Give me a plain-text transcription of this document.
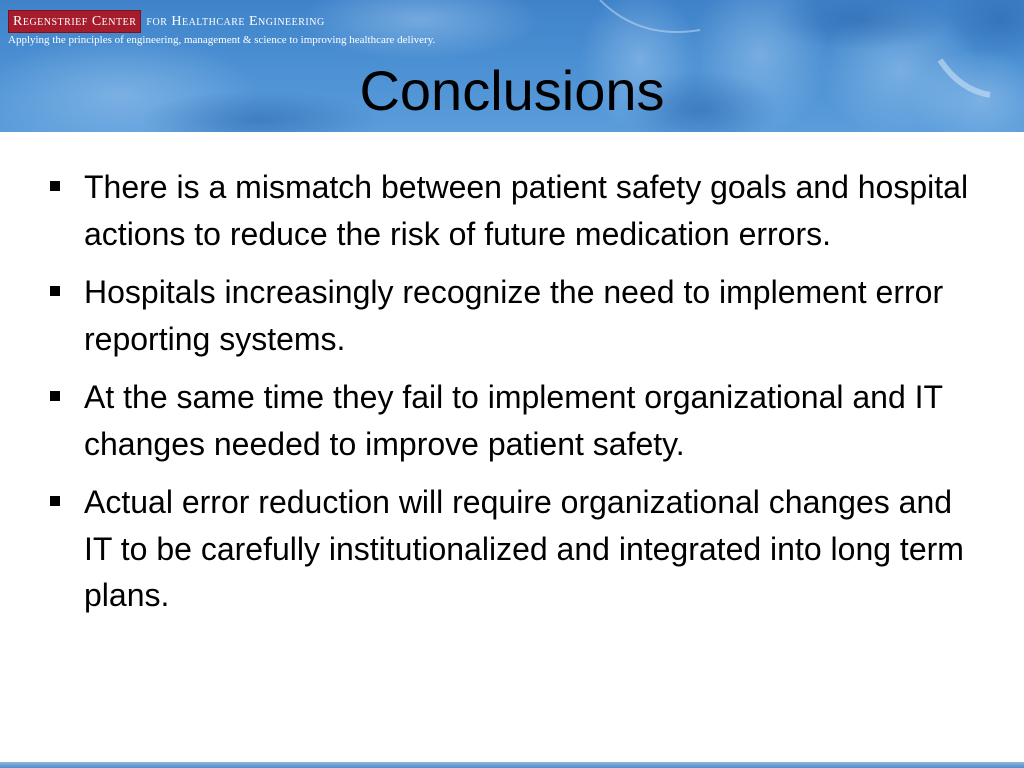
Regenstrief Center for Healthcare Engineering
Applying the principles of engineering, management & science to improving healthcare delivery.
Conclusions
There is a mismatch between patient safety goals and hospital actions to reduce the risk of future medication errors.
Hospitals increasingly recognize the need to implement error reporting systems.
At the same time they fail to implement organizational and IT changes needed to improve patient safety.
Actual error reduction will require organizational changes and IT to be carefully institutionalized and integrated into long term plans.
